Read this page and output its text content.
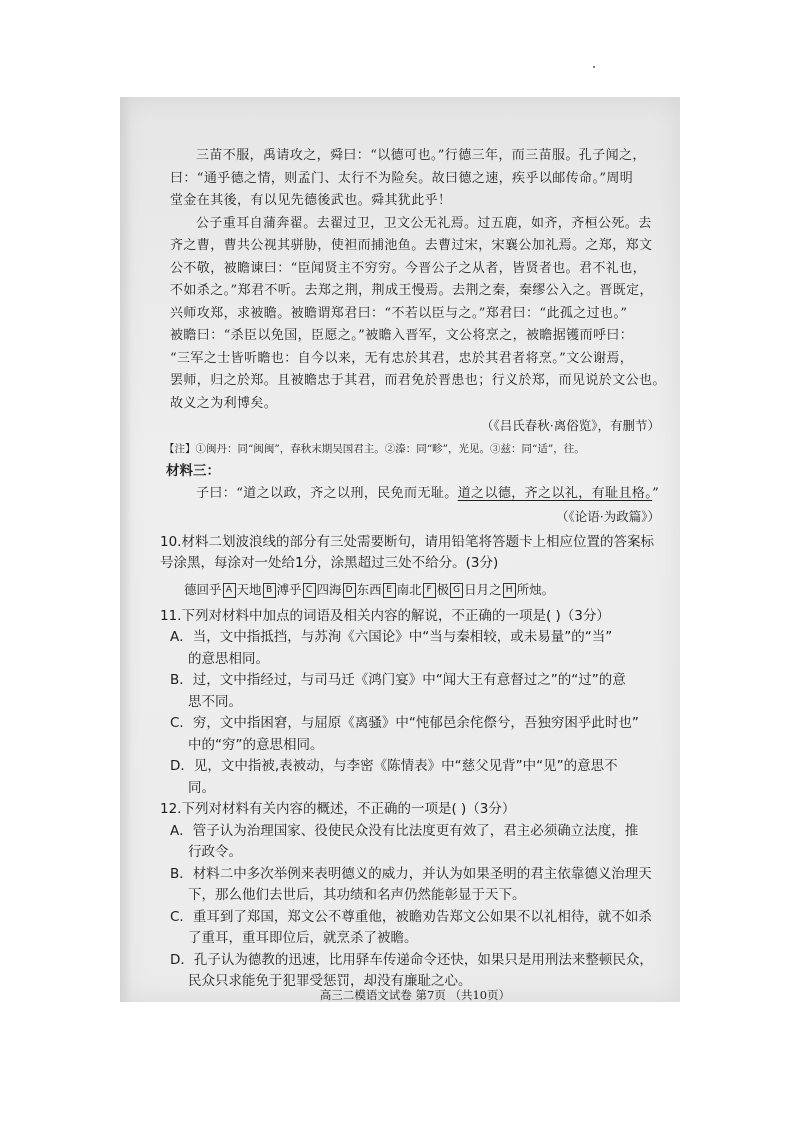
三苗不服，禹请攻之，舜曰：“以德可也。”行德三年，而三苗服。孔子闻之，

曰：“通乎德之情，则孟门、太行不为险矣。故曰德之速，疾乎以邮传命。”周明

堂金在其後，有以见先德後武也。舜其犹此乎！

公子重耳自蒲奔翟。去翟过卫，卫文公无礼焉。过五鹿，如齐，齐桓公死。去

齐之曹，曹共公视其骈胁，使袒而捕池鱼。去曹过宋，宋襄公加礼焉。之郑，郑文

公不敬，被瞻谏曰：“臣闻贤主不穷穷。今晋公子之从者，皆贤者也。君不礼也，

不如杀之。”郑君不听。去郑之荆，荆成王慢焉。去荆之秦，秦缪公入之。晋既定，

兴师攻郑，求被瞻。被瞻谓郑君曰：“不若以臣与之。”郑君曰：“此孤之过也。”

被瞻曰：“杀臣以免国，臣愿之。”被瞻入晋军，文公将烹之，被瞻据镬而呼曰：

“三军之士皆听瞻也：自今以来，无有忠於其君，忠於其君者将烹。”文公谢焉，

罢师，归之於郑。且被瞻忠于其君，而君免於晋患也；行义於郑，而见说於文公也。

故义之为利博矣。

（《吕氏春秋·离俗览》，有删节）

【注】①闽丹：同“闽闽”，春秋末期吴国君主。②溱：同“畛”，光见。③兹：同“适”，往。

材料三：

子曰：“道之以政，齐之以刑，民免而无耻。道之以德，齐之以礼，有耻且格。”

（《论语·为政篇》）

10.材料二划波浪线的部分有三处需要断句，请用铅笔将答题卡上相应位置的答案标

号涂黑，每涂对一处给1分，涂黑超过三处不给分。(3分)

德回乎 A 天地 B 溥乎 C 四海 D 东西 E 南北 F 极 G 日月之 H 所烛。

11.下列对材料中加点的词语及相关内容的解说，不正确的一项是( )（3分）

A．当，文中指抵挡，与苏洵《六国论》中“当与秦相较，或未易量”的“当”

的意思相同。

B．过，文中指经过，与司马迁《鸿门宴》中“闻大王有意督过之”的“过”的意

思不同。

C．穷，文中指困窘，与屈原《离骚》中“忳郁邑余侘傺兮，吾独穷困乎此时也”

中的“穷”的意思相同。

D．见，文中指被,表被动，与李密《陈情表》中“慈父见背”中“见”的意思不

同。

12.下列对材料有关内容的概述，不正确的一项是( )（3分）

A．管子认为治理国家、役使民众没有比法度更有效了，君主必须确立法度，推

行政令。

B．材料二中多次举例来表明德义的威力，并认为如果圣明的君主依靠德义治理天

下，那么他们去世后，其功绩和名声仍然能彰显于天下。

C．重耳到了郑国，郑文公不尊重他，被瞻劝告郑文公如果不以礼相待，就不如杀

了重耳，重耳即位后，就烹杀了被瞻。

D．孔子认为德教的迅速，比用驿车传递命令还快，如果只是用刑法来整顿民众，

民众只求能免于犯罪受惩罚，却没有廉耻之心。

高三二模语文试卷 第7页 （共10页）
